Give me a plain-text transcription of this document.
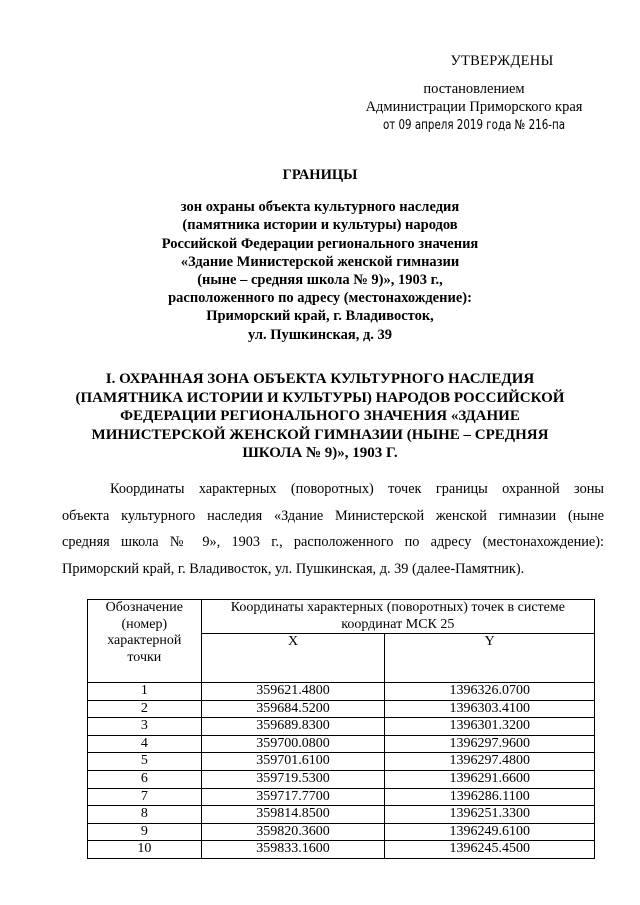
УТВЕРЖДЕНЫ
постановлением
Администрации Приморского края
от 09 апреля 2019 года № 216-па
ГРАНИЦЫ
зон охраны объекта культурного наследия
(памятника истории и культуры) народов
Российской Федерации регионального значения
«Здание Министерской женской гимназии
(ныне – средняя школа № 9)», 1903 г.,
расположенного по адресу (местонахождение):
Приморский край, г. Владивосток,
ул. Пушкинская, д. 39
I. ОХРАННАЯ ЗОНА ОБЪЕКТА КУЛЬТУРНОГО НАСЛЕДИЯ
(ПАМЯТНИКА ИСТОРИИ И КУЛЬТУРЫ) НАРОДОВ РОССИЙСКОЙ
ФЕДЕРАЦИИ РЕГИОНАЛЬНОГО ЗНАЧЕНИЯ «ЗДАНИЕ
МИНИСТЕРСКОЙ ЖЕНСКОЙ ГИМНАЗИИ (НЫНЕ – СРЕДНЯЯ
ШКОЛА № 9)», 1903 Г.
Координаты характерных (поворотных) точек границы охранной зоны
объекта культурного наследия «Здание Министерской женской гимназии (ныне
средняя школа № 9», 1903 г., расположенного по адресу (местонахождение):
Приморский край, г. Владивосток, ул. Пушкинская, д. 39 (далее-Памятник).
Обозначение
(номер)
характерной
точки	Координаты характерных (поворотных) точек в системе
координат МСК 25	

	X	Y
1	359621.4800	1396326.0700
2	359684.5200	1396303.4100
3	359689.8300	1396301.3200
4	359700.0800	1396297.9600
5	359701.6100	1396297.4800
6	359719.5300	1396291.6600
7	359717.7700	1396286.1100
8	359814.8500	1396251.3300
9	359820.3600	1396249.6100
10	359833.1600	1396245.4500
